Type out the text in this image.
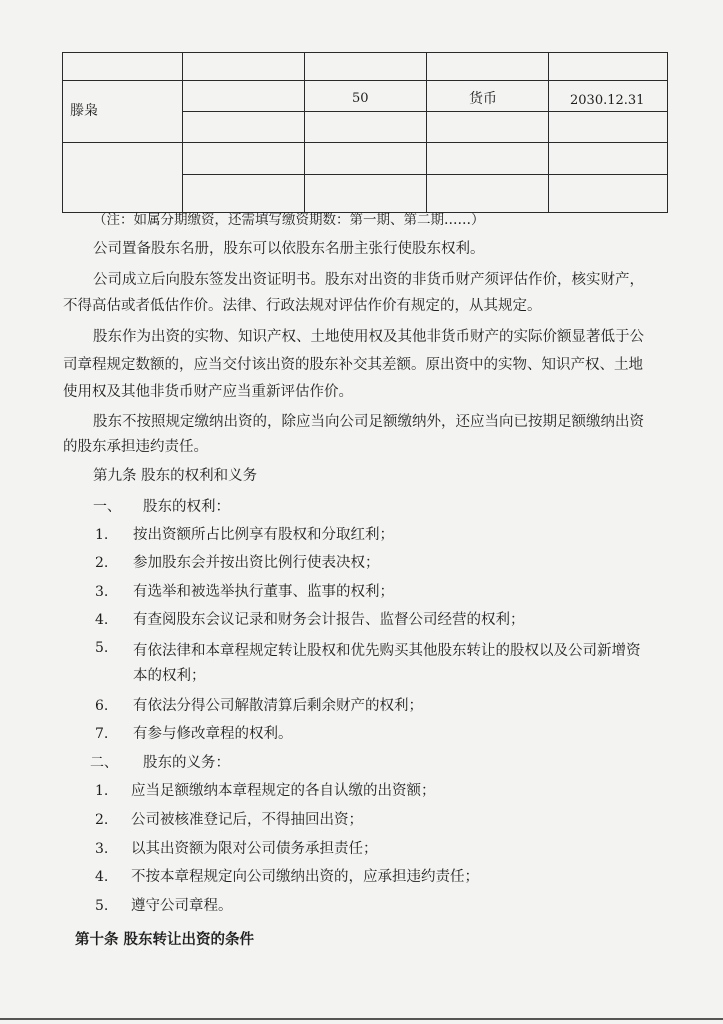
滕枭
50	货币	2030.12.31
（注：如属分期缴资，还需填写缴资期数：第一期、第二期……）
公司置备股东名册，股东可以依股东名册主张行使股东权利。
公司成立后向股东签发出资证明书。股东对出资的非货币财产须评估作价，核实财产，
不得高估或者低估作价。法律、行政法规对评估作价有规定的，从其规定。
股东作为出资的实物、知识产权、土地使用权及其他非货币财产的实际价额显著低于公
司章程规定数额的，应当交付该出资的股东补交其差额。原出资中的实物、知识产权、土地
使用权及其他非货币财产应当重新评估作价。
股东不按照规定缴纳出资的，除应当向公司足额缴纳外，还应当向已按期足额缴纳出资
的股东承担违约责任。
第九条 股东的权利和义务
一、 股东的权利：
1. 按出资额所占比例享有股权和分取红利；
2. 参加股东会并按出资比例行使表决权；
3. 有选举和被选举执行董事、监事的权利；
4. 有查阅股东会议记录和财务会计报告、监督公司经营的权利；
5. 有依法律和本章程规定转让股权和优先购买其他股东转让的股权以及公司新增资
本的权利；
6. 有依法分得公司解散清算后剩余财产的权利；
7. 有参与修改章程的权利。
二、 股东的义务：
1. 应当足额缴纳本章程规定的各自认缴的出资额；
2. 公司被核准登记后，不得抽回出资；
3. 以其出资额为限对公司债务承担责任；
4. 不按本章程规定向公司缴纳出资的，应承担违约责任；
5. 遵守公司章程。
第十条 股东转让出资的条件
